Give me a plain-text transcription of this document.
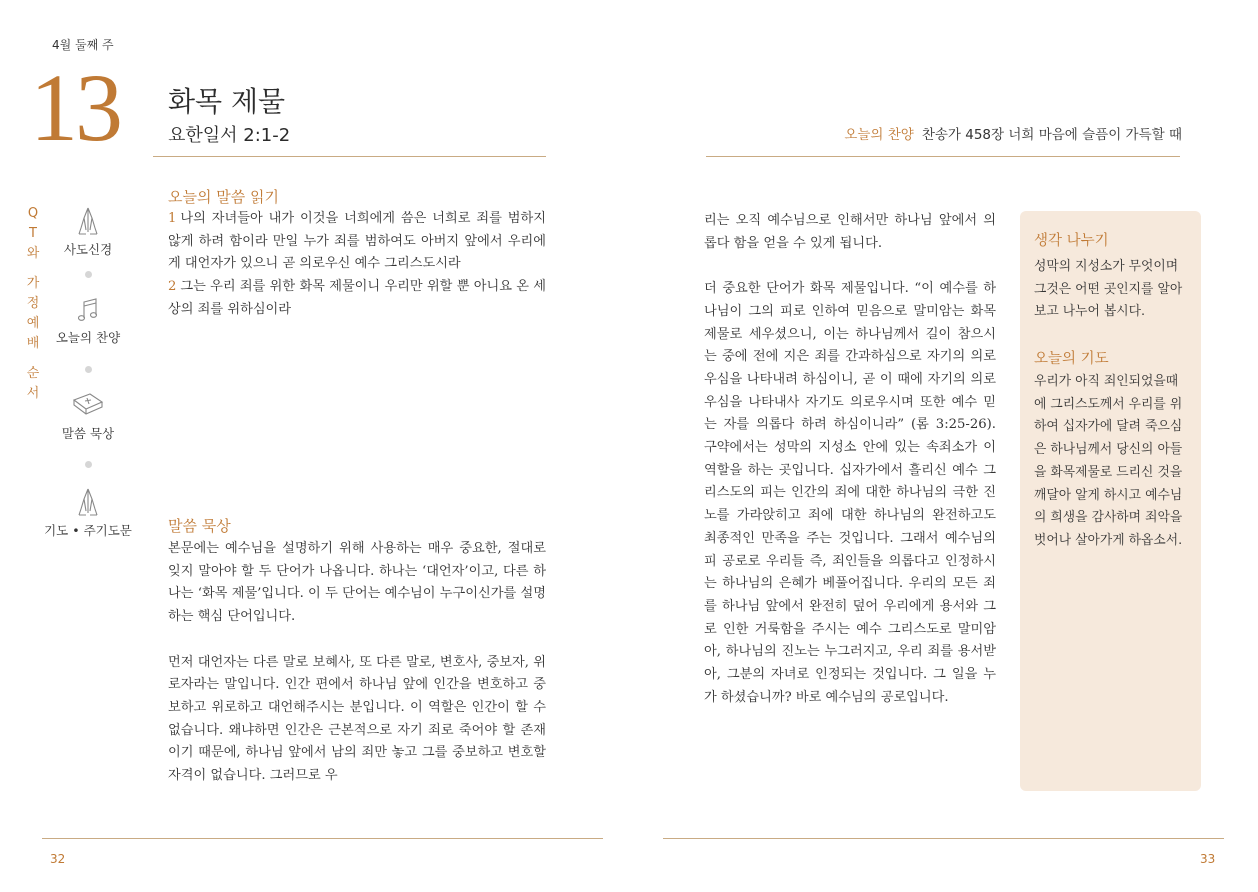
4월 둘째 주
13 화목 제물
요한일서 2:1-2	오늘의 찬양 찬송가 458장 너희 마음에 슬픔이 가득할 때
Q
T
와
가
정
예
배
순
서
사도신경
오늘의 찬양
말씀 묵상
기도 • 주기도문
오늘의 말씀 읽기

1 나의 자녀들아 내가 이것을 너희에게 씀은 너희로 죄를 범하지 않게 하려 함이라 만일 누가 죄를 범하여도 아버지 앞에서 우리에게 대언자가 있으니 곧 의로우신 예수 그리스도시라

2 그는 우리 죄를 위한 화목 제물이니 우리만 위할 뿐 아니요 온 세상의 죄를 위하심이라

말씀 묵상

본문에는 예수님을 설명하기 위해 사용하는 매우 중요한, 절대로 잊지 말아야 할 두 단어가 나옵니다. 하나는 ‘대언자’이고, 다른 하나는 ‘화목 제물’입니다. 이 두 단어는 예수님이 누구이신가를 설명하는 핵심 단어입니다.

먼저 대언자는 다른 말로 보혜사, 또 다른 말로, 변호사, 중보자, 위로자라는 말입니다. 인간 편에서 하나님 앞에 인간을 변호하고 중보하고 위로하고 대언해주시는 분입니다. 이 역할은 인간이 할 수 없습니다. 왜냐하면 인간은 근본적으로 자기 죄로 죽어야 할 존재이기 때문에, 하나님 앞에서 남의 죄만 놓고 그를 중보하고 변호할 자격이 없습니다. 그러므로 우

리는 오직 예수님으로 인해서만 하나님 앞에서 의롭다 함을 얻을 수 있게 됩니다.

더 중요한 단어가 화목 제물입니다. “이 예수를 하나님이 그의 피로 인하여 믿음으로 말미암는 화목 제물로 세우셨으니, 이는 하나님께서 길이 참으시는 중에 전에 지은 죄를 간과하심으로 자기의 의로우심을 나타내려 하심이니, 곧 이 때에 자기의 의로우심을 나타내사 자기도 의로우시며 또한 예수 믿는 자를 의롭다 하려 하심이니라” (롬 3:25-26). 구약에서는 성막의 지성소 안에 있는 속죄소가 이 역할을 하는 곳입니다. 십자가에서 흘리신 예수 그리스도의 피는 인간의 죄에 대한 하나님의 극한 진노를 가라앉히고 죄에 대한 하나님의 완전하고도 최종적인 만족을 주는 것입니다. 그래서 예수님의 피 공로로 우리들 즉, 죄인들을 의롭다고 인정하시는 하나님의 은혜가 베풀어집니다. 우리의 모든 죄를 하나님 앞에서 완전히 덮어 우리에게 용서와 그로 인한 거룩함을 주시는 예수 그리스도로 말미암아, 하나님의 진노는 누그러지고, 우리 죄를 용서받아, 그분의 자녀로 인정되는 것입니다. 그 일을 누가 하셨습니까? 바로 예수님의 공로입니다.

생각 나누기
성막의 지성소가 무엇이며 그것은 어떤 곳인지를 알아보고 나누어 봅시다.
오늘의 기도
우리가 아직 죄인되었을때에 그리스도께서 우리를 위하여 십자가에 달려 죽으심은 하나님께서 당신의 아들을 화목제물로 드리신 것을 깨달아 알게 하시고 예수님의 희생을 감사하며 죄악을 벗어나 살아가게 하옵소서.
32	33
